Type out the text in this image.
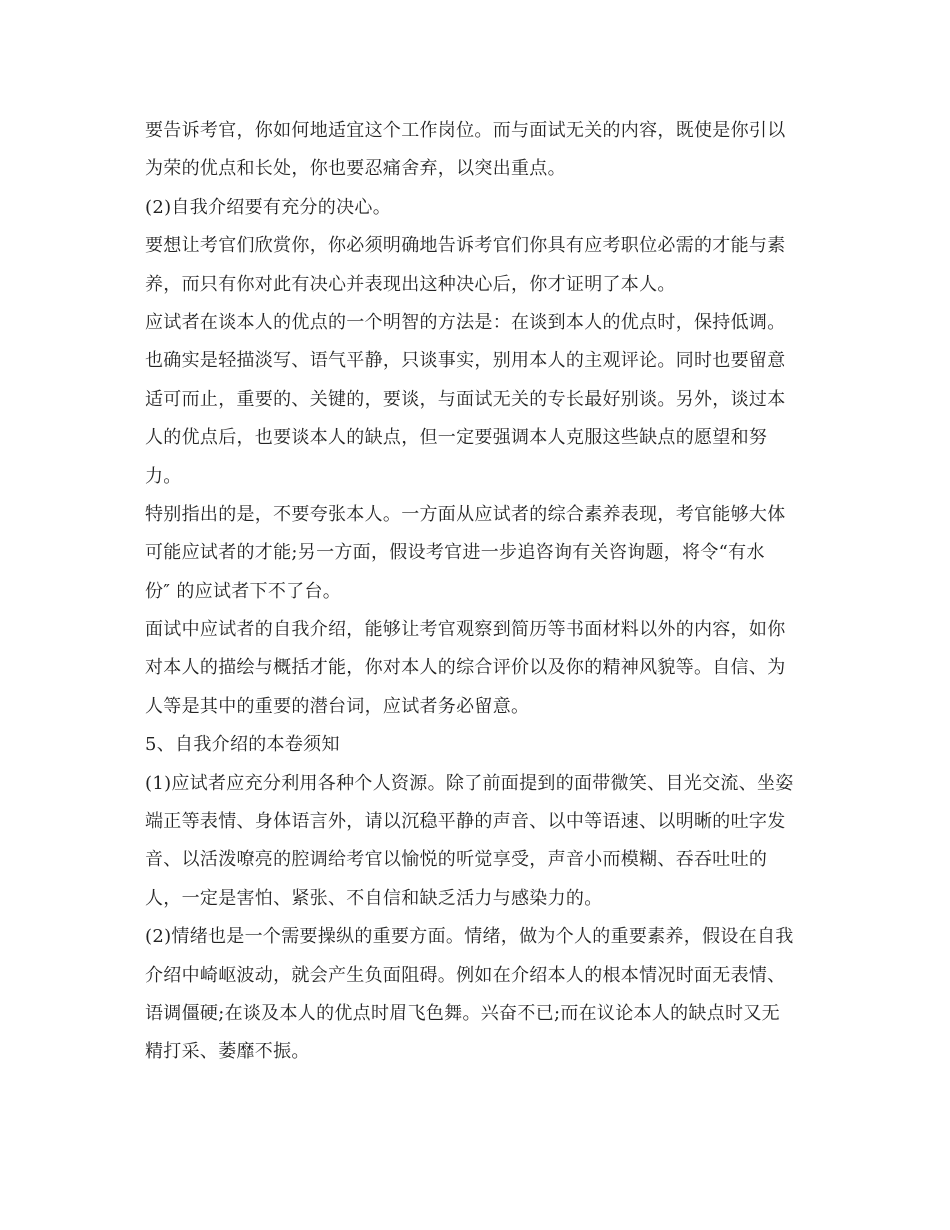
要告诉考官，你如何地适宜这个工作岗位。而与面试无关的内容，既使是你引以
为荣的优点和长处，你也要忍痛舍弃，以突出重点。
(2)自我介绍要有充分的决心。
要想让考官们欣赏你，你必须明确地告诉考官们你具有应考职位必需的才能与素
养，而只有你对此有决心并表现出这种决心后，你才证明了本人。
应试者在谈本人的优点的一个明智的方法是：在谈到本人的优点时，保持低调。
也确实是轻描淡写、语气平静，只谈事实，别用本人的主观评论。同时也要留意
适可而止，重要的、关键的，要谈，与面试无关的专长最好别谈。另外，谈过本
人的优点后，也要谈本人的缺点，但一定要强调本人克服这些缺点的愿望和努
力。
特别指出的是，不要夸张本人。一方面从应试者的综合素养表现，考官能够大体
可能应试者的才能;另一方面，假设考官进一步追咨询有关咨询题，将令“有水
份″ 的应试者下不了台。
面试中应试者的自我介绍，能够让考官观察到简历等书面材料以外的内容，如你
对本人的描绘与概括才能，你对本人的综合评价以及你的精神风貌等。自信、为
人等是其中的重要的潜台词，应试者务必留意。
5、自我介绍的本卷须知
(1)应试者应充分利用各种个人资源。除了前面提到的面带微笑、目光交流、坐姿
端正等表情、身体语言外，请以沉稳平静的声音、以中等语速、以明晰的吐字发
音、以活泼嘹亮的腔调给考官以愉悦的听觉享受，声音小而模糊、吞吞吐吐的
人，一定是害怕、紧张、不自信和缺乏活力与感染力的。
(2)情绪也是一个需要操纵的重要方面。情绪，做为个人的重要素养，假设在自我
介绍中崎岖波动，就会产生负面阻碍。例如在介绍本人的根本情况时面无表情、
语调僵硬;在谈及本人的优点时眉飞色舞。兴奋不已;而在议论本人的缺点时又无
精打采、萎靡不振。
